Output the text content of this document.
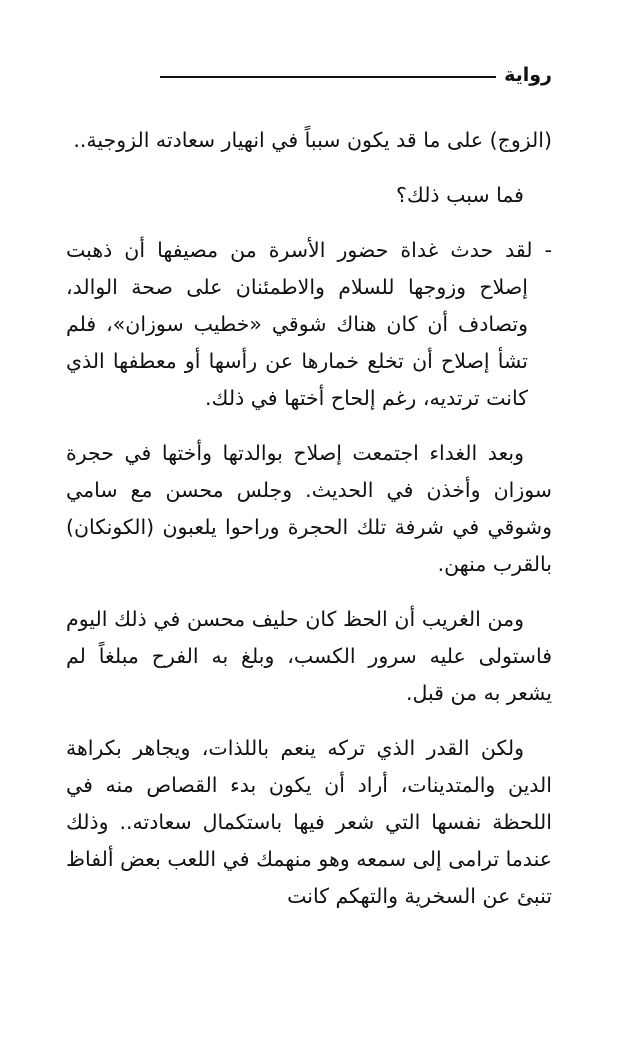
رواية

(الزوج) على ما قد يكون سبباً في انهيار سعادته الزوجية..

فما سبب ذلك؟

- لقد حدث غداة حضور الأسرة من مصيفها أن ذهبت إصلاح وزوجها للسلام والاطمئنان على صحة الوالد، وتصادف أن كان هناك شوقي «خطيب سوزان»، فلم تشأ إصلاح أن تخلع خمارها عن رأسها أو معطفها الذي كانت ترتديه، رغم إلحاح أختها في ذلك.

وبعد الغداء اجتمعت إصلاح بوالدتها وأختها في حجرة سوزان وأخذن في الحديث. وجلس محسن مع سامي وشوقي في شرفة تلك الحجرة وراحوا يلعبون (الكونكان) بالقرب منهن.

ومن الغريب أن الحظ كان حليف محسن في ذلك اليوم فاستولى عليه سرور الكسب، وبلغ به الفرح مبلغاً لم يشعر به من قبل.

ولكن القدر الذي تركه ينعم باللذات، ويجاهر بكراهة الدين والمتدينات، أراد أن يكون بدء القصاص منه في اللحظة نفسها التي شعر فيها باستكمال سعادته.. وذلك عندما ترامى إلى سمعه وهو منهمك في اللعب بعض ألفاظ تنبئ عن السخرية والتهكم كانت
